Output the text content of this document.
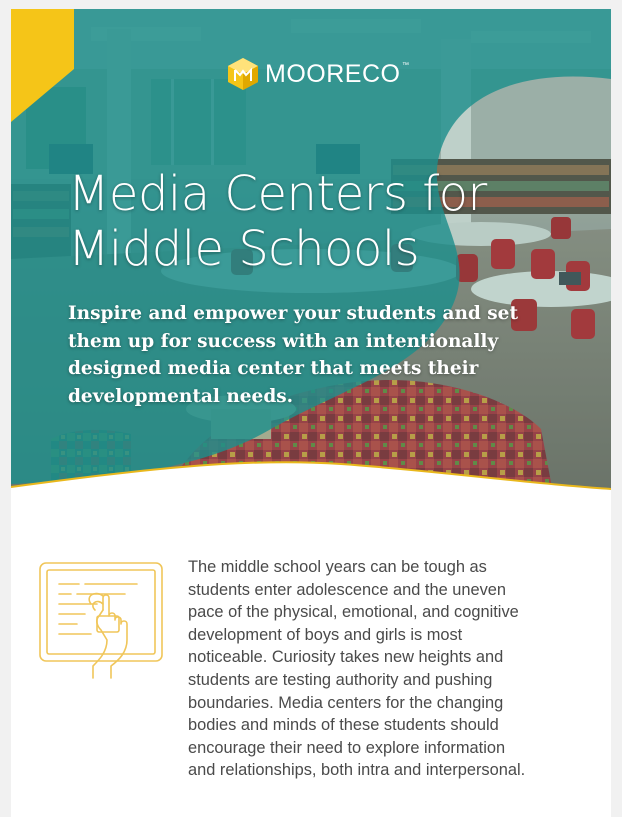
MOORECO ™
Media Centers for
Middle Schools

Inspire and empower your students and set them up for success with an intentionally designed media center that meets their developmental needs.

The middle school years can be tough as
students enter adolescence and the uneven
pace of the physical, emotional, and cognitive
development of boys and girls is most
noticeable. Curiosity takes new heights and
students are testing authority and pushing
boundaries. Media centers for the changing
bodies and minds of these students should
encourage their need to explore information
and relationships, both intra and interpersonal.
